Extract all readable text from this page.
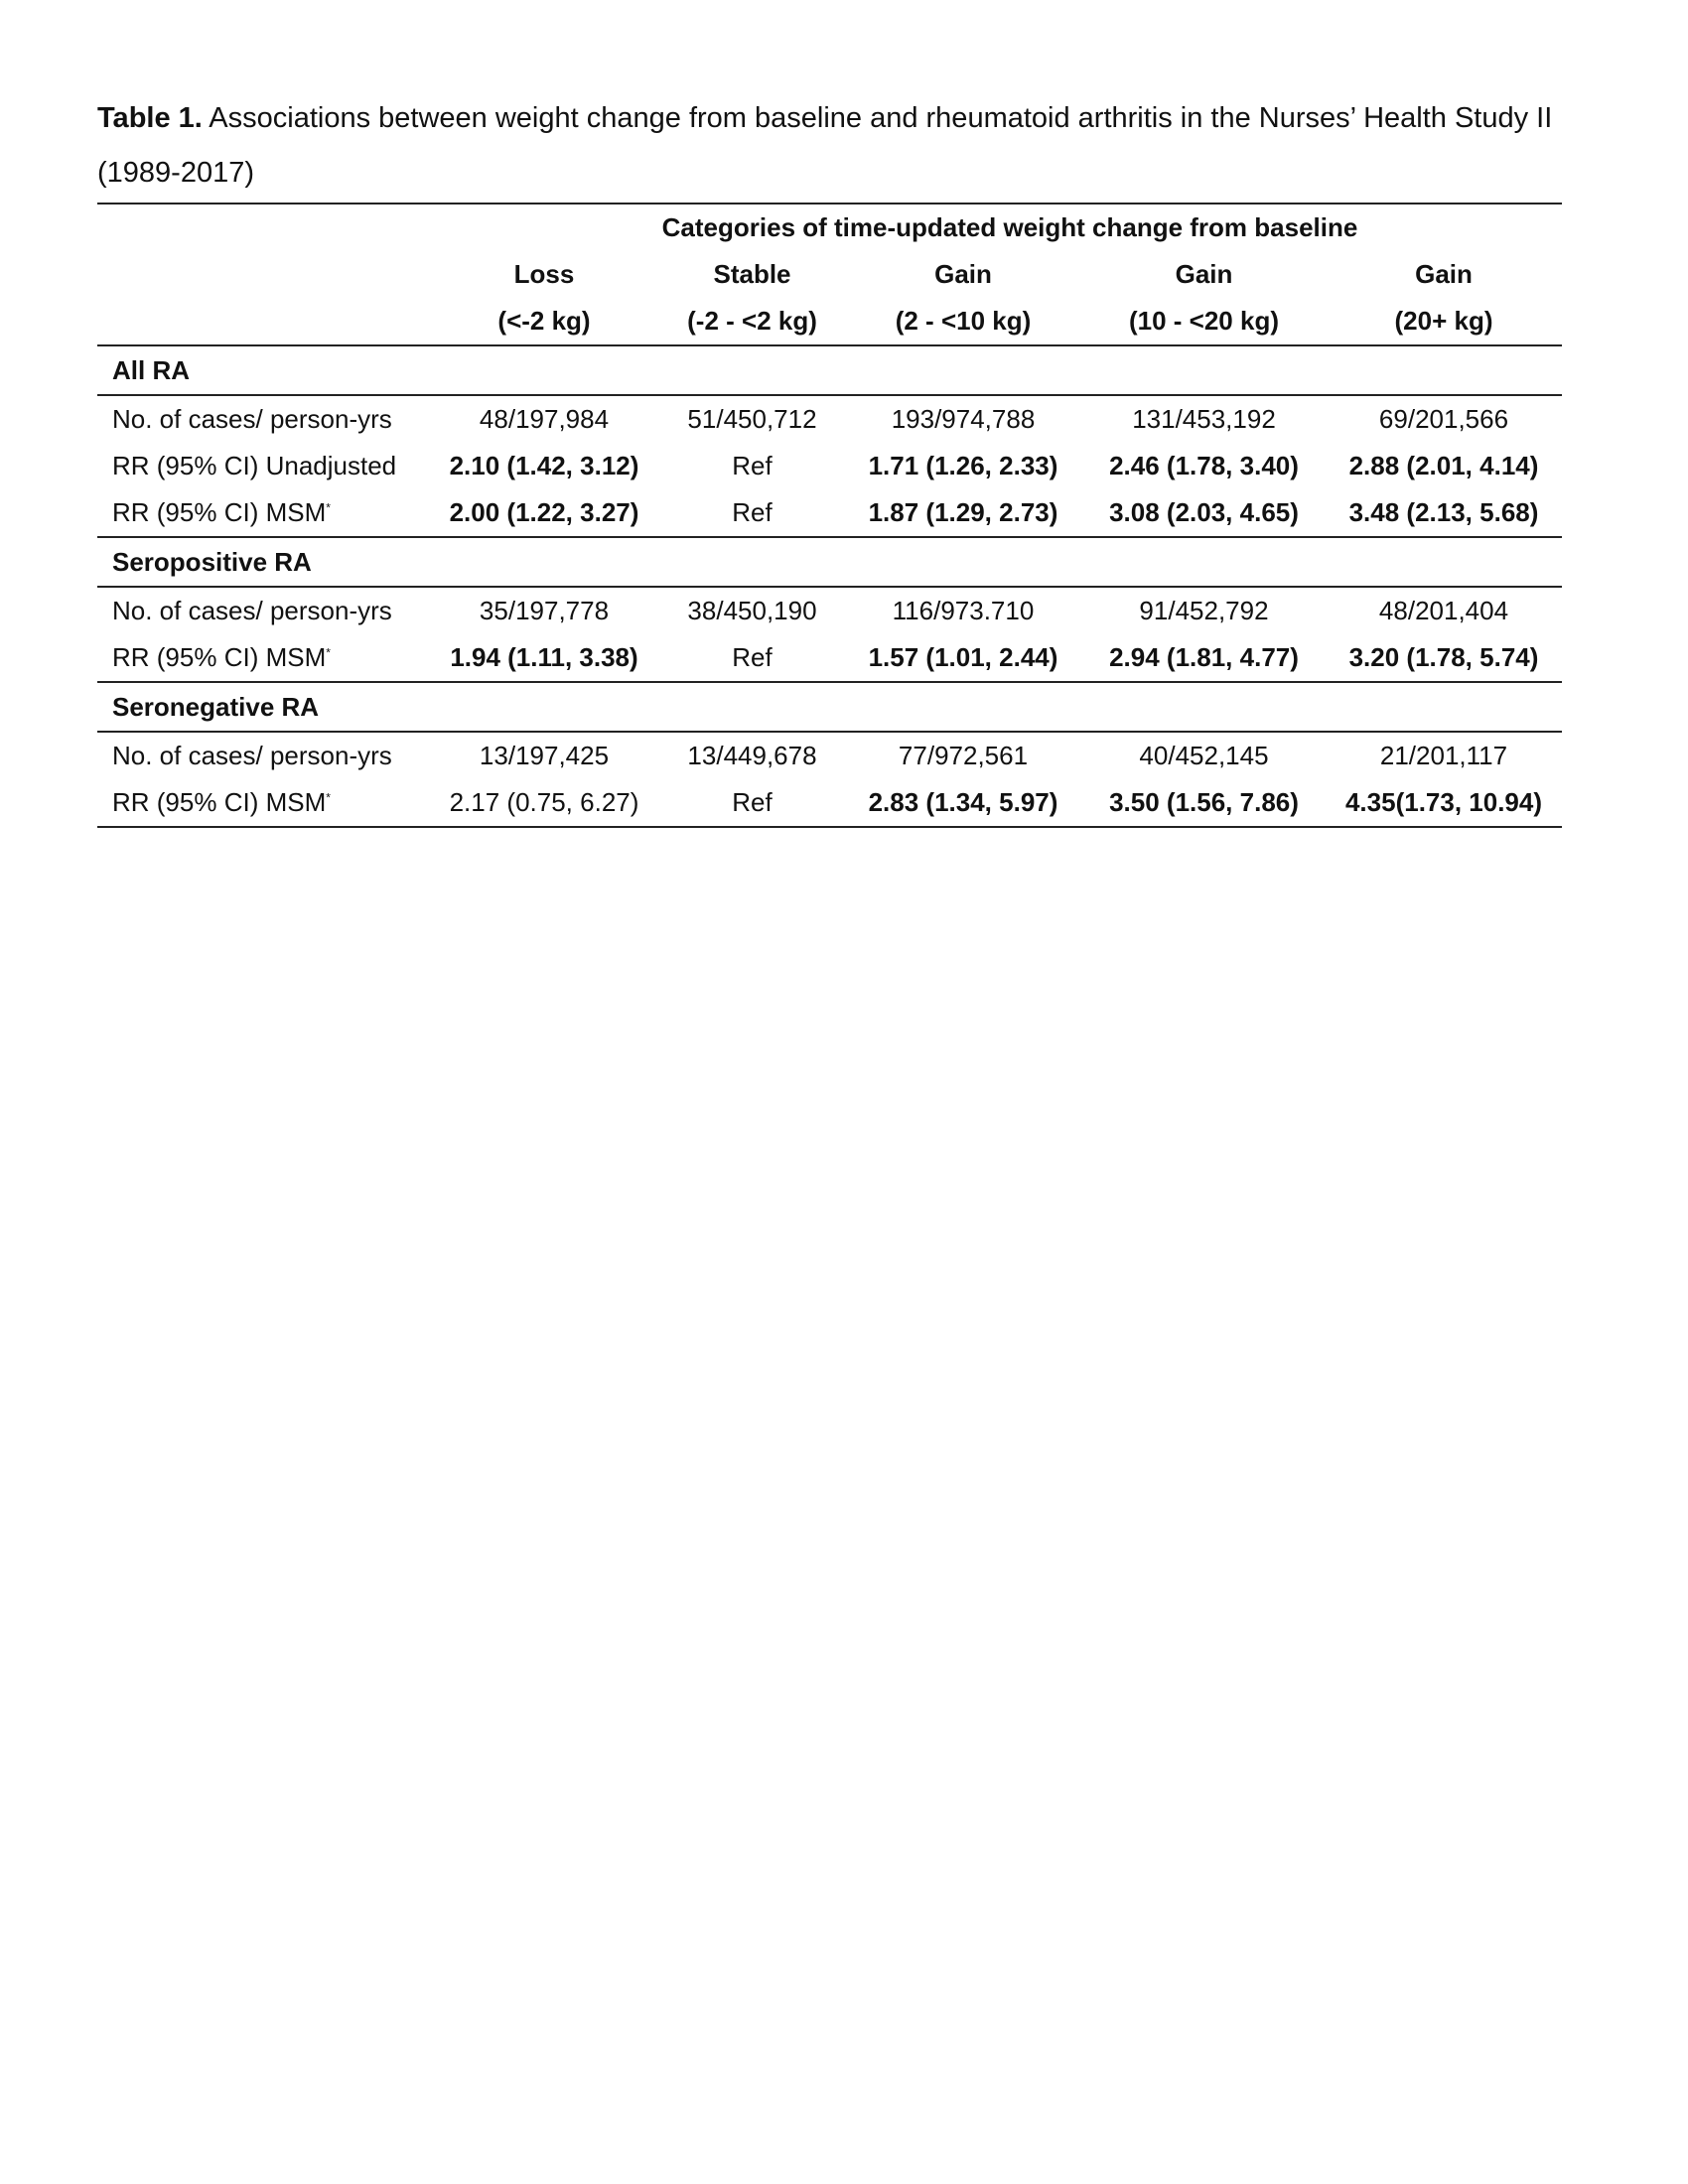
Table 1. Associations between weight change from baseline and rheumatoid arthritis in the Nurses’ Health Study II (1989-2017)
	Categories of time-updated weight change from baseline				
	Loss	Stable	Gain	Gain	Gain
	(<-2 kg)	(-2 - <2 kg)	(2 - <10 kg)	(10 - <20 kg)	(20+ kg)
All RA					
No. of cases/ person-yrs	48/197,984	51/450,712	193/974,788	131/453,192	69/201,566
RR (95% CI) Unadjusted	2.10 (1.42, 3.12)	Ref	1.71 (1.26, 2.33)	2.46 (1.78, 3.40)	2.88 (2.01, 4.14)
RR (95% CI) MSM*	2.00 (1.22, 3.27)	Ref	1.87 (1.29, 2.73)	3.08 (2.03, 4.65)	3.48 (2.13, 5.68)
Seropositive RA					
No. of cases/ person-yrs	35/197,778	38/450,190	116/973.710	91/452,792	48/201,404
RR (95% CI) MSM*	1.94 (1.11, 3.38)	Ref	1.57 (1.01, 2.44)	2.94 (1.81, 4.77)	3.20 (1.78, 5.74)
Seronegative RA					
No. of cases/ person-yrs	13/197,425	13/449,678	77/972,561	40/452,145	21/201,117
RR (95% CI) MSM*	2.17 (0.75, 6.27)	Ref	2.83 (1.34, 5.97)	3.50 (1.56, 7.86)	4.35(1.73, 10.94)
